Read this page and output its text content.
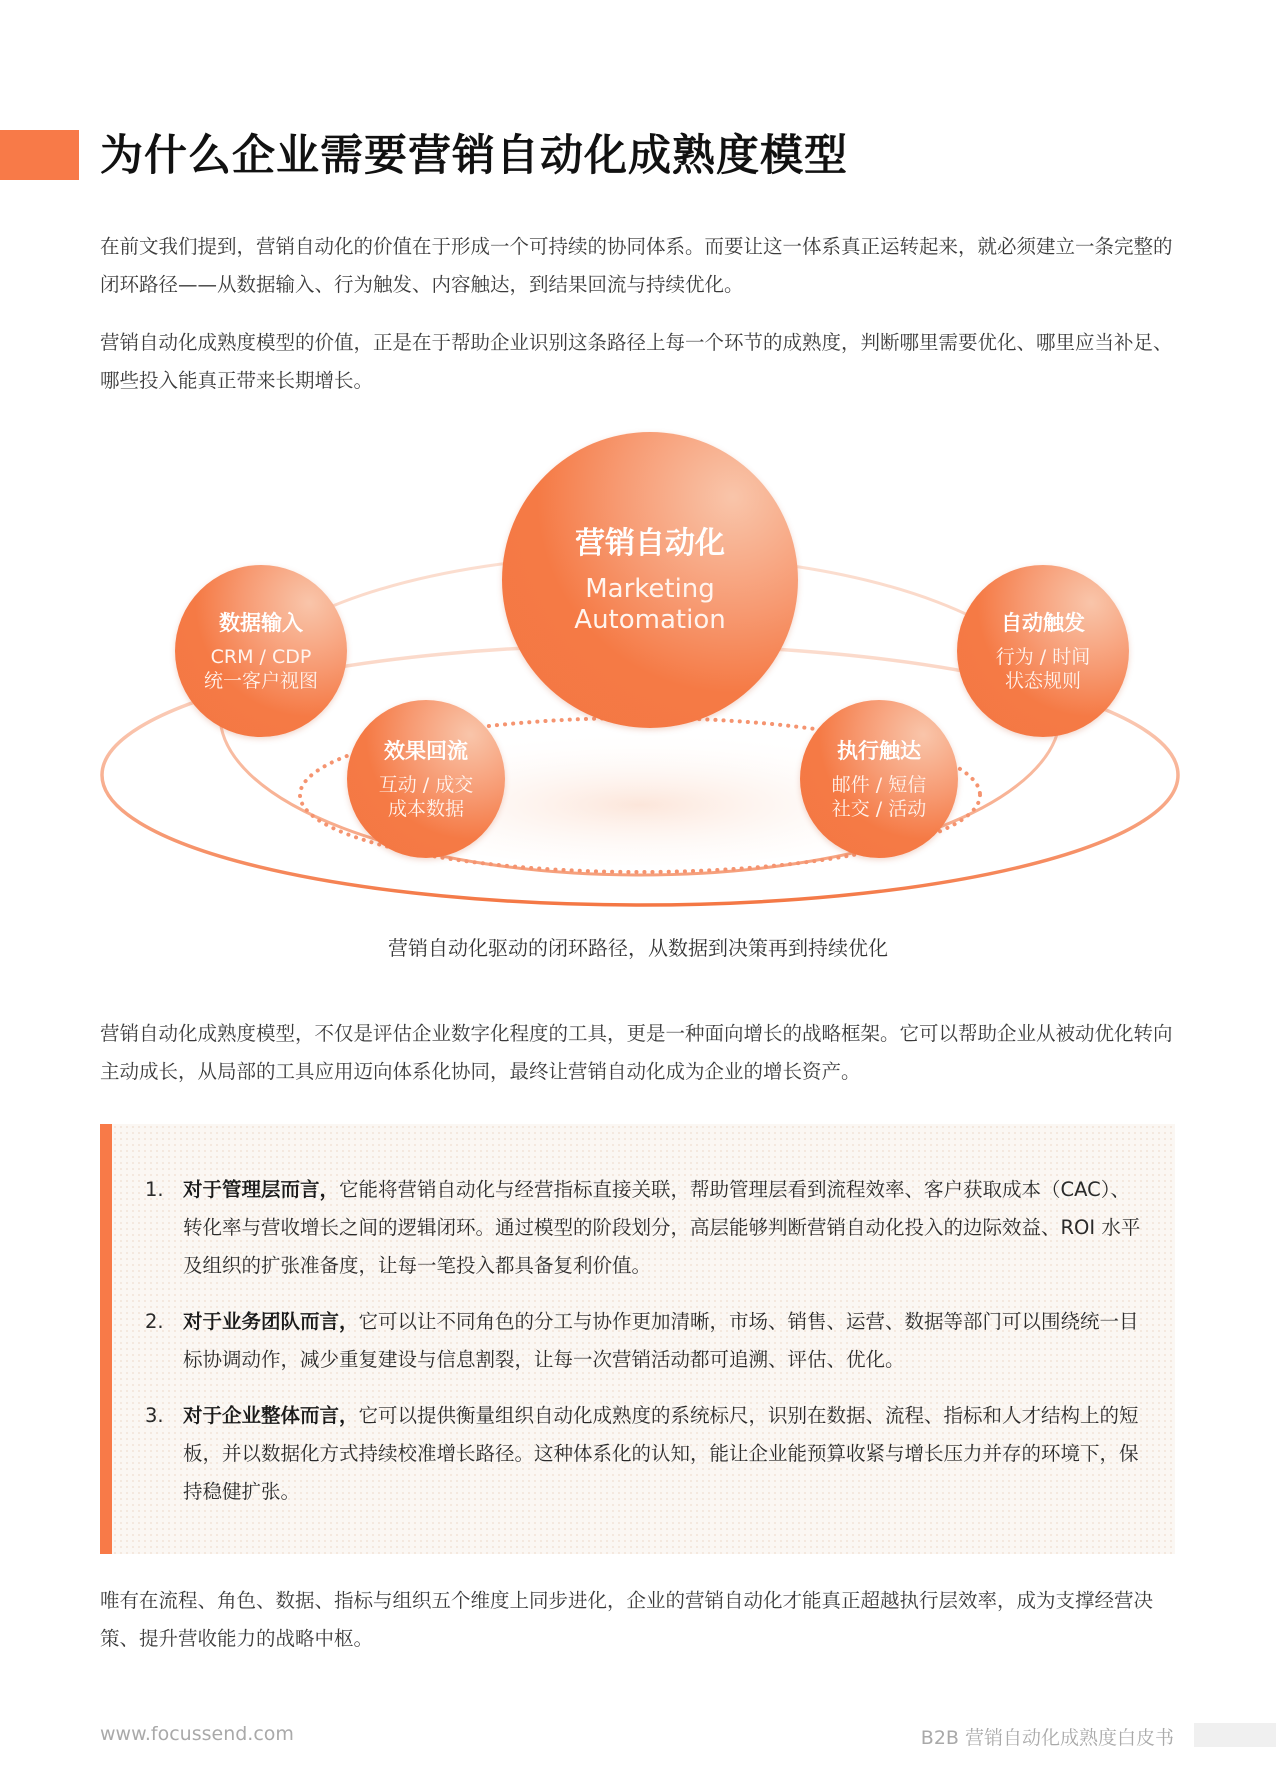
为什么企业需要营销自动化成熟度模型

在前文我们提到，营销自动化的价值在于形成一个可持续的协同体系。而要让这一体系真正运转起来，就必须建立一条完整的闭环路径——从数据输入、行为触发、内容触达，到结果回流与持续优化。

营销自动化成熟度模型的价值，正是在于帮助企业识别这条路径上每一个环节的成熟度，判断哪里需要优化、哪里应当补足、哪些投入能真正带来长期增长。

营销自动化
Marketing
Automation
数据输入
CRM / CDP
统一客户视图
自动触发
行为 / 时间
状态规则
效果回流
互动 / 成交
成本数据
执行触达
邮件 / 短信
社交 / 活动
营销自动化驱动的闭环路径，从数据到决策再到持续优化

营销自动化成熟度模型，不仅是评估企业数字化程度的工具，更是一种面向增长的战略框架。它可以帮助企业从被动优化转向主动成长，从局部的工具应用迈向体系化协同，最终让营销自动化成为企业的增长资产。

1. 对于管理层而言，它能将营销自动化与经营指标直接关联，帮助管理层看到流程效率、客户获取成本（CAC）、转化率与营收增长之间的逻辑闭环。通过模型的阶段划分，高层能够判断营销自动化投入的边际效益、ROI 水平及组织的扩张准备度，让每一笔投入都具备复利价值。
2. 对于业务团队而言，它可以让不同角色的分工与协作更加清晰，市场、销售、运营、数据等部门可以围绕统一目标协调动作，减少重复建设与信息割裂，让每一次营销活动都可追溯、评估、优化。
3. 对于企业整体而言，它可以提供衡量组织自动化成熟度的系统标尺，识别在数据、流程、指标和人才结构上的短板，并以数据化方式持续校准增长路径。这种体系化的认知，能让企业能预算收紧与增长压力并存的环境下，保持稳健扩张。

唯有在流程、角色、数据、指标与组织五个维度上同步进化，企业的营销自动化才能真正超越执行层效率，成为支撑经营决策、提升营收能力的战略中枢。

www.focussend.com	B2B 营销自动化成熟度白皮书
